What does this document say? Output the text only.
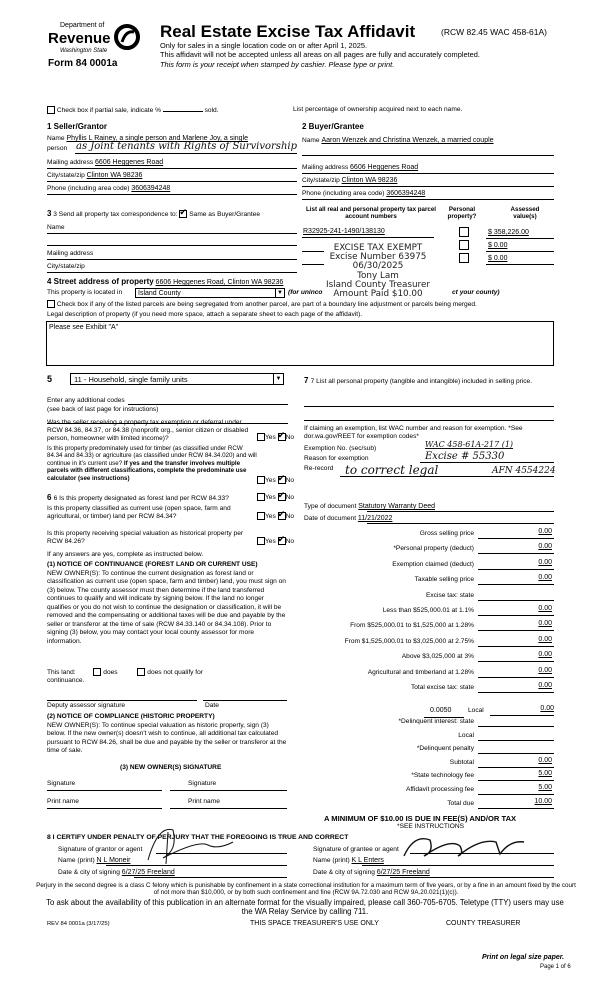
Department of
Revenue
Washington State
Form 84 0001a
Real Estate Excise Tax Affidavit	(RCW 82.45 WAC 458-61A)
Only for sales in a single location code on or after April 1, 2025.
This affidavit will not be accepted unless all areas on all pages are fully and accurately completed.
This form is your receipt when stamped by cashier. Please type or print.
Check box if partial sale, indicate %	sold.	List percentage of ownership acquired next to each name.
1 Seller/Grantor
Name Phyllis L Rainey, a single person and Marlene Joy, a single
person as Joint tenants with Rights of Survivorship
Mailing address 6606 Heggenes Road
City/state/zip Clinton WA 98236
Phone (including area code) 3606394248
2 Buyer/Grantee
Name Aaron Wenzek and Christina Wenzek, a married couple
Mailing address 6606 Heggenes Road
City/state/zip Clinton WA 98236
Phone (including area code) 3606394248
3 3 Send all property tax correspondence to: ✔ Same as Buyer/Grantee
Name
Mailing address
City/state/zip
List all real and personal property tax parcel account numbers
Personal property?
Assessed value(s)
R32925-241-1490/138130	$ 358,226.00
$ 0.00
$ 0.00
EXCISE TAX EXEMPT
Excise Number 63975
06/30/2025
Tony Lam
Island County Treasurer
Amount Paid $10.00
4 Street address of property 6606 Heggenes Road, Clinton WA 98236
This property is located in	Island County	▼ (for uninco	ct your county)
Check box if any of the listed parcels are being segregated from another parcel, are part of a boundary line adjustment or parcels being merged.
Legal description of property (if you need more space, attach a separate sheet to each page of the affidavit).
Please see Exhibit "A"
5	11 - Household, single family units	▼
Enter any additional codes
(see back of last page for instructions)
Was the seller receiving a property tax exemption or deferral under RCW 84.36, 84.37, or 84.38 (nonprofit org., senior citizen or disabled person, homeowner with limited income)?	Yes ✔ No
Is this property predominately used for timber (as classified under RCW 84.34 and 84.33) or agriculture (as classified under RCW 84.34.020) and will continue in it's current use? If yes and the transfer involves multiple parcels with different classifications, complete the predominate use calculator (see instructions)	Yes ✔ No
6 6 Is this property designated as forest land per RCW 84.33?	Yes ✔ No
Is this property classified as current use (open space, farm and agricultural, or timber) land per RCW 84.34?	Yes ✔ No
Is this property receiving special valuation as historical property per RCW 84.26?	Yes ✔ No
If any answers are yes, complete as instructed below.
(1) NOTICE OF CONTINUANCE (FOREST LAND OR CURRENT USE)
NEW OWNER(S): To continue the current designation as forest land or classification as current use (open space, farm and timber) land, you must sign on (3) below. The county assessor must then determine if the land transferred continues to qualify and will indicate by signing below. If the land no longer qualifies or you do not wish to continue the designation or classification, it will be removed and the compensating or additional taxes will be due and payable by the seller or transferor at the time of sale (RCW 84.33.140 or 84.34.108). Prior to signing (3) below, you may contact your local county assessor for more information.
This land:	does	does not qualify for
continuance.
Deputy assessor signature	Date
(2) NOTICE OF COMPLIANCE (HISTORIC PROPERTY)
NEW OWNER(S): To continue special valuation as historic property, sign (3) below. If the new owner(s) doesn't wish to continue, all additional tax calculated pursuant to RCW 84.26, shall be due and payable by the seller or transferor at the time of sale.
(3) NEW OWNER(S) SIGNATURE
Signature	Signature
Print name	Print name
7 7 List all personal property (tangible and intangible) included in selling price.
If claiming an exemption, list WAC number and reason for exemption. *See dor.wa.gov/REET for exemption codes*
Exemption No. (sec/sub)	WAC 458-61A-217 (1)
Reason for exemption
Re-record
Excise # 55330
to correct legal	AFN 4554224
Type of document Statutory Warranty Deed
Date of document 11/21/2022
Gross selling price	0.00
*Personal property (deduct)	0.00
Exemption claimed (deduct)	0.00
Taxable selling price	0.00
Excise tax: state
Less than $525,000.01 at 1.1%	0.00
From $525,000.01 to $1,525,000 at 1.28%	0.00
From $1,525,000.01 to $3,025,000 at 2.75%	0.00
Above $3,025,000 at 3%	0.00
Agricultural and timberland at 1.28%	0.00
Total excise tax: state	0.00
0.0050	Local	0.00
*Delinquent interest: state
Local
*Delinquent penalty
Subtotal	0.00
*State technology fee	5.00
Affidavit processing fee	5.00
Total due	10.00
A MINIMUM OF $10.00 IS DUE IN FEE(S) AND/OR TAX
*SEE INSTRUCTIONS
8 I CERTIFY UNDER PENALTY OF PERJURY THAT THE FOREGOING IS TRUE AND CORRECT
Signature of grantor or agent
Name (print) N L Moneir
Date & city of signing 6/27/25 Freeland
Signature of grantee or agent
Name (print) K L Enters
Date & city of signing 6/27/25 Freeland
Perjury in the second degree is a class C felony which is punishable by confinement in a state correctional institution for a maximum term of five years, or by a fine in an amount fixed by the court of not more than $10,000, or by both such confinement and fine (RCW 9A.72.030 and RCW 9A.20.021(1)(c)).
To ask about the availability of this publication in an alternate format for the visually impaired, please call 360-705-6705. Teletype (TTY) users may use the WA Relay Service by calling 711.
REV 84 0001a (3/17/25)	THIS SPACE TREASURER'S USE ONLY	COUNTY TREASURER
Print on legal size paper.
Page 1 of 6
